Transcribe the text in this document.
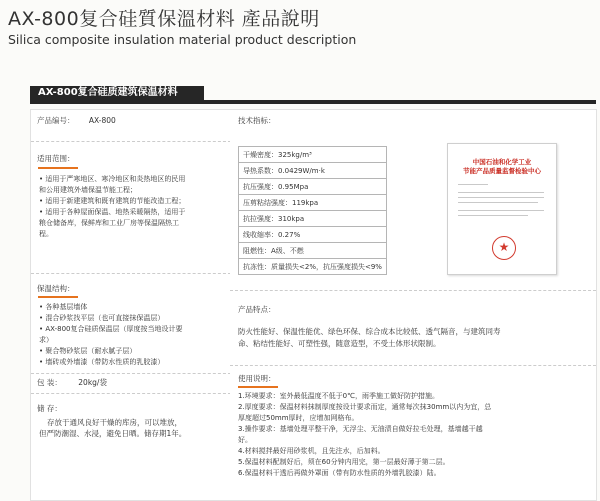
AX-800复合硅質保溫材料 產品說明
Silica composite insulation material product description
AX-800复合硅质建筑保温材料
产品编号： AX-800
适用范围：
• 适用于严寒地区、寒冷地区和炎热地区的民用
和公用建筑外墙保温节能工程；
• 适用于新建建筑和既有建筑的节能改造工程；
• 适用于各种屋面保温、地热采暖隔热，适用于
粮仓储备库，保鲜库和工业厂房等保温隔热工
程。
保温结构：
• 各种基层墙体
• 混合砂浆找平层（也可直接抹保温层）
• AX-800复合硅质保温层（厚度按当地设计要
求）
• 聚合物砂浆层（耐水腻子层）
• 墙砖或外墙漆（带防水性质的乳胶漆）
包 装： 20kg/袋
储 存：
存放于通风良好干燥的库房，可以堆放，
但严防潮湿、水浸，避免日晒。储存期1年。
技术指标：
干燥密度：325kg/m³
导热系数：0.0429W/m·k
抗压强度：0.95Mpa
压剪粘结强度：119kpa
抗拉强度：310kpa
线收缩率：0.27%
阻燃性：A级、不燃
抗冻性：质量损失<2%，抗压强度损失<9%
中国石油和化学工业
节能产品质量监督检验中心
★
产品特点：
防火性能好、保温性能优、绿色环保、综合成本比较低、透气隔音，与建筑同寿
命、粘结性能好、可塑性强，随意造型，不受土体形状限制。
使用说明：
1.环境要求：室外最低温度不低于0℃，雨季施工做好防护措施。
2.厚度要求：保温材料抹制厚度按设计要求而定，通常每次抹30mm以内为宜，总
厚度超过50mm厚时，应增加网格布。
3.操作要求：基墙处理平整干净，无浮尘、无油渍自做好拉毛处理，基墙越干越
好。
4.材料搅拌最好用砂浆机，且先注水，后加料。
5.保温材料配制好后，须在60分钟内用完，第一层最好薄于第二层。
6.保温材料干透后再做外罩面（带有防水性质的外墙乳胶漆）陆。
